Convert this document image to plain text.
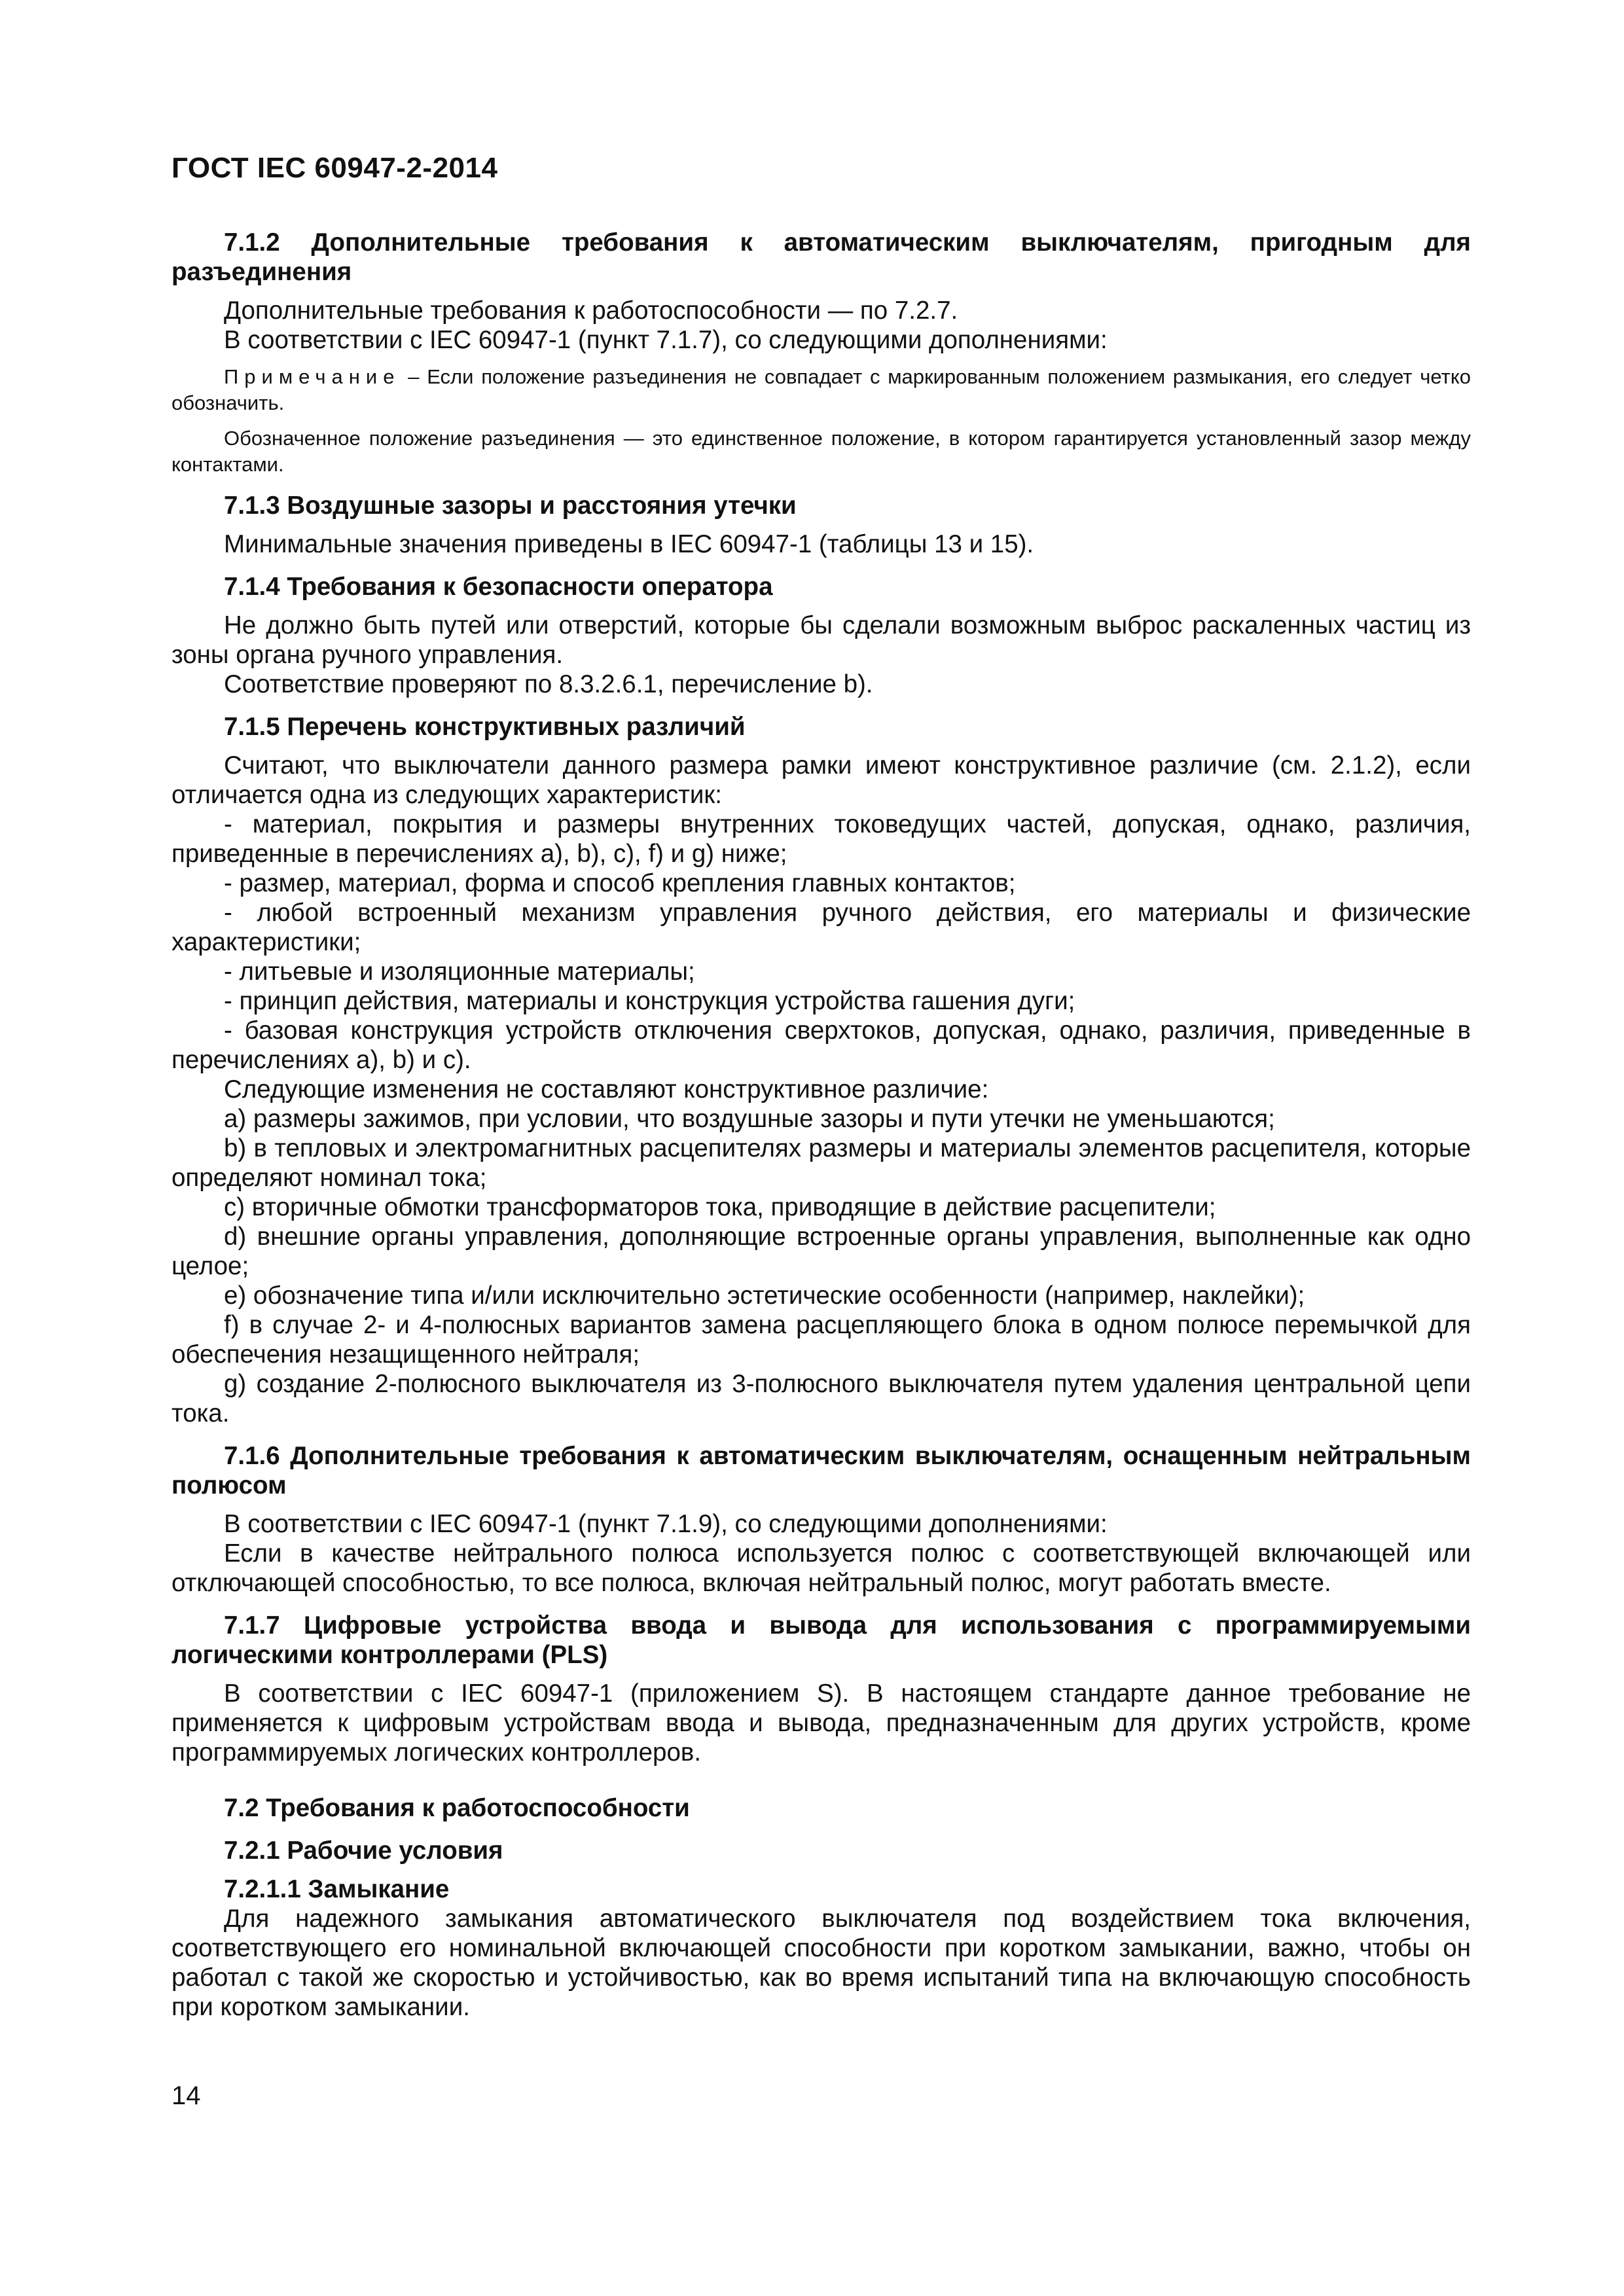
ГОСТ IEC 60947-2-2014

7.1.2 Дополнительные требования к автоматическим выключателям, пригодным для разъединения

Дополнительные требования к работоспособности — по 7.2.7.

В соответствии с IEC 60947-1 (пункт 7.1.7), со следующими дополнениями:

Примечание – Если положение разъединения не совпадает с маркированным положением размыкания, его следует четко обозначить.

Обозначенное положение разъединения — это единственное положение, в котором гарантируется установленный зазор между контактами.

7.1.3 Воздушные зазоры и расстояния утечки

Минимальные значения приведены в IEC 60947-1 (таблицы 13 и 15).

7.1.4 Требования к безопасности оператора

Не должно быть путей или отверстий, которые бы сделали возможным выброс раскаленных частиц из зоны органа ручного управления.

Соответствие проверяют по 8.3.2.6.1, перечисление b).

7.1.5 Перечень конструктивных различий

Считают, что выключатели данного размера рамки имеют конструктивное различие (см. 2.1.2), если отличается одна из следующих характеристик:

- материал, покрытия и размеры внутренних токоведущих частей, допуская, однако, различия, приведенные в перечислениях a), b), c), f) и g) ниже;

- размер, материал, форма и способ крепления главных контактов;

- любой встроенный механизм управления ручного действия, его материалы и физические характеристики;

- литьевые и изоляционные материалы;

- принцип действия, материалы и конструкция устройства гашения дуги;

- базовая конструкция устройств отключения сверхтоков, допуская, однако, различия, приведенные в перечислениях а), b) и с).

Следующие изменения не составляют конструктивное различие:

a) размеры зажимов, при условии, что воздушные зазоры и пути утечки не уменьшаются;

b) в тепловых и электромагнитных расцепителях размеры и материалы элементов расцепителя, которые определяют номинал тока;

c) вторичные обмотки трансформаторов тока, приводящие в действие расцепители;

d) внешние органы управления, дополняющие встроенные органы управления, выполненные как одно целое;

e) обозначение типа и/или исключительно эстетические особенности (например, наклейки);

f) в случае 2- и 4-полюсных вариантов замена расцепляющего блока в одном полюсе перемычкой для обеспечения незащищенного нейтраля;

g) создание 2-полюсного выключателя из 3-полюсного выключателя путем удаления центральной цепи тока.

7.1.6 Дополнительные требования к автоматическим выключателям, оснащенным нейтральным полюсом

В соответствии с IEC 60947-1 (пункт 7.1.9), со следующими дополнениями:

Если в качестве нейтрального полюса используется полюс с соответствующей включающей или отключающей способностью, то все полюса, включая нейтральный полюс, могут работать вместе.

7.1.7 Цифровые устройства ввода и вывода для использования с программируемыми логическими контроллерами (PLS)

В соответствии с IEC 60947-1 (приложением S). В настоящем стандарте данное требование не применяется к цифровым устройствам ввода и вывода, предназначенным для других устройств, кроме программируемых логических контроллеров.

7.2 Требования к работоспособности

7.2.1 Рабочие условия

7.2.1.1 Замыкание

Для надежного замыкания автоматического выключателя под воздействием тока включения, соответствующего его номинальной включающей способности при коротком замыкании, важно, чтобы он работал с такой же скоростью и устойчивостью, как во время испытаний типа на включающую способность при коротком замыкании.

14
